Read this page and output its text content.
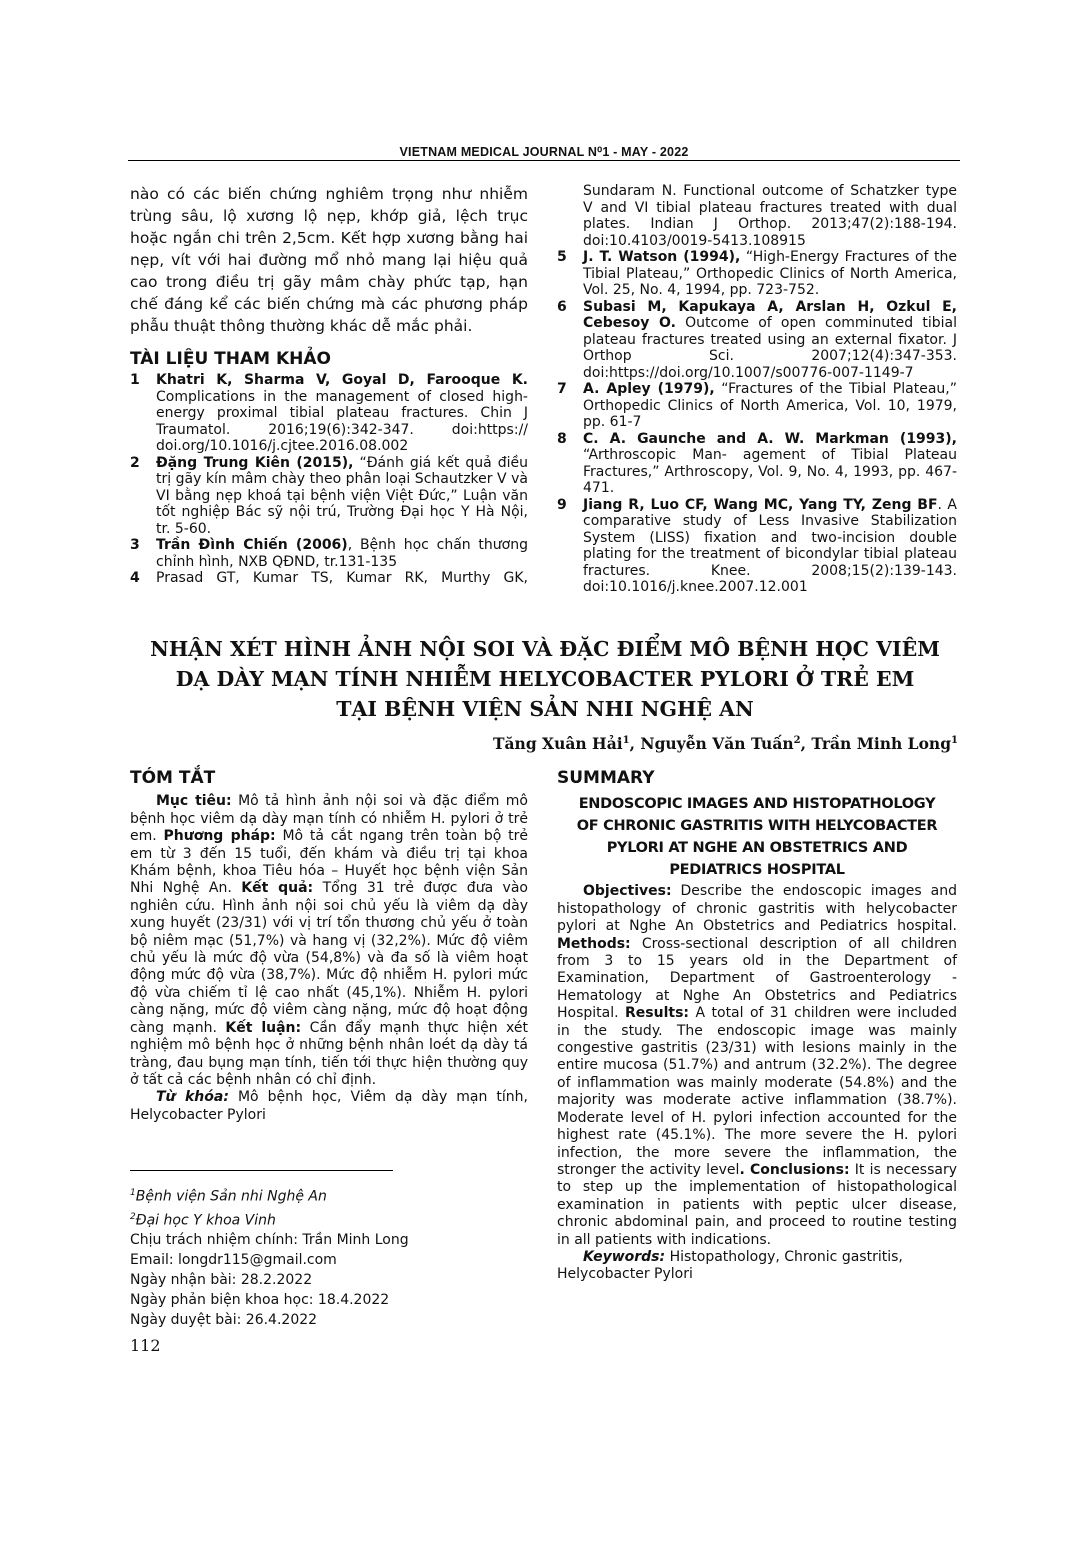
VIETNAM MEDICAL JOURNAL N⁰1 - MAY - 2022

nào có các biến chứng nghiêm trọng như nhiễm trùng sâu, lộ xương lộ nẹp, khớp giả, lệch trục hoặc ngắn chi trên 2,5cm. Kết hợp xương bằng hai nẹp, vít với hai đường mổ nhỏ mang lại hiệu quả cao trong điều trị gãy mâm chày phức tạp, hạn chế đáng kể các biến chứng mà các phương pháp phẫu thuật thông thường khác dễ mắc phải.

TÀI LIỆU THAM KHẢO
1	Khatri K, Sharma V, Goyal D, Farooque K. Complications in the management of closed high-energy proximal tibial plateau fractures. Chin J Traumatol. 2016;19(6):342-347. doi:https:// doi.org/10.1016/j.cjtee.2016.08.002
2	Đặng Trung Kiên (2015), “Đánh giá kết quả điều trị gãy kín mâm chày theo phân loại Schautzker V và VI bằng nẹp khoá tại bệnh viện Việt Đức,” Luận văn tốt nghiệp Bác sỹ nội trú, Trường Đại học Y Hà Nội, tr. 5-60.
3	Trần Đình Chiến (2006), Bệnh học chấn thương chỉnh hình, NXB QĐND, tr.131-135
4	Prasad GT, Kumar TS, Kumar RK, Murthy GK,
Sundaram N. Functional outcome of Schatzker type V and VI tibial plateau fractures treated with dual plates. Indian J Orthop. 2013;47(2):188-194. doi:10.4103/0019-5413.108915
5	J. T. Watson (1994), “High-Energy Fractures of the Tibial Plateau,” Orthopedic Clinics of North America, Vol. 25, No. 4, 1994, pp. 723-752.
6	Subasi M, Kapukaya A, Arslan H, Ozkul E, Cebesoy O. Outcome of open comminuted tibial plateau fractures treated using an external fixator. J Orthop Sci. 2007;12(4):347-353. doi:https://doi.org/10.1007/s00776-007-1149-7
7	A. Apley (1979), “Fractures of the Tibial Plateau,” Orthopedic Clinics of North America, Vol. 10, 1979, pp. 61-7
8	C. A. Gaunche and A. W. Markman (1993), “Arthroscopic Man- agement of Tibial Plateau Fractures,” Arthroscopy, Vol. 9, No. 4, 1993, pp. 467-471.
9	Jiang R, Luo CF, Wang MC, Yang TY, Zeng BF. A comparative study of Less Invasive Stabilization System (LISS) fixation and two-incision double plating for the treatment of bicondylar tibial plateau fractures. Knee. 2008;15(2):139-143. doi:10.1016/j.knee.2007.12.001
NHẬN XÉT HÌNH ẢNH NỘI SOI VÀ ĐẶC ĐIỂM MÔ BỆNH HỌC VIÊM
DẠ DÀY MẠN TÍNH NHIỄM HELYCOBACTER PYLORI Ở TRẺ EM
TẠI BỆNH VIỆN SẢN NHI NGHỆ AN
Tăng Xuân Hải$^1$, Nguyễn Văn Tuấn$^2$, Trần Minh Long$^1$
TÓM TẮT

Mục tiêu: Mô tả hình ảnh nội soi và đặc điểm mô bệnh học viêm dạ dày mạn tính có nhiễm H. pylori ở trẻ em. Phương pháp: Mô tả cắt ngang trên toàn bộ trẻ em từ 3 đến 15 tuổi, đến khám và điều trị tại khoa Khám bệnh, khoa Tiêu hóa – Huyết học bệnh viện Sản Nhi Nghệ An. Kết quả: Tổng 31 trẻ được đưa vào nghiên cứu. Hình ảnh nội soi chủ yếu là viêm dạ dày xung huyết (23/31) với vị trí tổn thương chủ yếu ở toàn bộ niêm mạc (51,7%) và hang vị (32,2%). Mức độ viêm chủ yếu là mức độ vừa (54,8%) và đa số là viêm hoạt động mức độ vừa (38,7%). Mức độ nhiễm H. pylori mức độ vừa chiếm tỉ lệ cao nhất (45,1%). Nhiễm H. pylori càng nặng, mức độ viêm càng nặng, mức độ hoạt động càng mạnh. Kết luận: Cần đẩy mạnh thực hiện xét nghiệm mô bệnh học ở những bệnh nhân loét dạ dày tá tràng, đau bụng mạn tính, tiến tới thực hiện thường quy ở tất cả các bệnh nhân có chỉ định.

Từ khóa: Mô bệnh học, Viêm dạ dày mạn tính, Helycobacter Pylori

$^1$Bệnh viện Sản nhi Nghệ An
$^2$Đại học Y khoa Vinh
Chịu trách nhiệm chính: Trần Minh Long
Email: longdr115@gmail.com
Ngày nhận bài: 28.2.2022
Ngày phản biện khoa học: 18.4.2022
Ngày duyệt bài: 26.4.2022
SUMMARY
ENDOSCOPIC IMAGES AND HISTOPATHOLOGY
OF CHRONIC GASTRITIS WITH HELYCOBACTER
PYLORI AT NGHE AN OBSTETRICS AND
PEDIATRICS HOSPITAL

Objectives: Describe the endoscopic images and histopathology of chronic gastritis with helycobacter pylori at Nghe An Obstetrics and Pediatrics hospital. Methods: Cross-sectional description of all children from 3 to 15 years old in the Department of Examination, Department of Gastroenterology - Hematology at Nghe An Obstetrics and Pediatrics Hospital. Results: A total of 31 children were included in the study. The endoscopic image was mainly congestive gastritis (23/31) with lesions mainly in the entire mucosa (51.7%) and antrum (32.2%). The degree of inflammation was mainly moderate (54.8%) and the majority was moderate active inflammation (38.7%). Moderate level of H. pylori infection accounted for the highest rate (45.1%). The more severe the H. pylori infection, the more severe the inflammation, the stronger the activity level. Conclusions: It is necessary to step up the implementation of histopathological examination in patients with peptic ulcer disease, chronic abdominal pain, and proceed to routine testing in all patients with indications.

Keywords: Histopathology, Chronic gastritis, Helycobacter Pylori

112
